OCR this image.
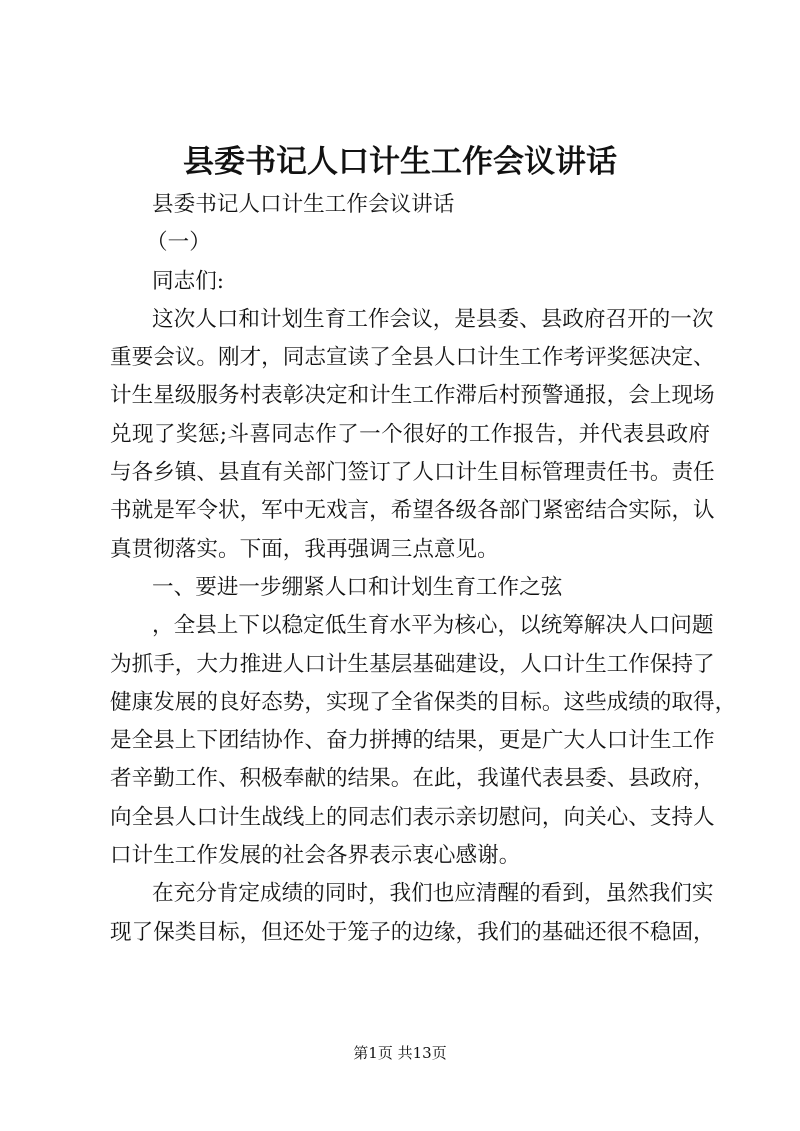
县委书记人口计生工作会议讲话
县委书记人口计生工作会议讲话
（一）
同志们:
这次人口和计划生育工作会议，是县委、县政府召开的一次
重要会议。刚才，同志宣读了全县人口计生工作考评奖惩决定、
计生星级服务村表彰决定和计生工作滞后村预警通报，会上现场
兑现了奖惩;斗喜同志作了一个很好的工作报告，并代表县政府
与各乡镇、县直有关部门签订了人口计生目标管理责任书。责任
书就是军令状，军中无戏言，希望各级各部门紧密结合实际，认
真贯彻落实。下面，我再强调三点意见。
一、要进一步绷紧人口和计划生育工作之弦
，全县上下以稳定低生育水平为核心，以统筹解决人口问题
为抓手，大力推进人口计生基层基础建设，人口计生工作保持了
健康发展的良好态势，实现了全省保类的目标。这些成绩的取得，
是全县上下团结协作、奋力拼搏的结果，更是广大人口计生工作
者辛勤工作、积极奉献的结果。在此，我谨代表县委、县政府，
向全县人口计生战线上的同志们表示亲切慰问，向关心、支持人
口计生工作发展的社会各界表示衷心感谢。
在充分肯定成绩的同时，我们也应清醒的看到，虽然我们实
现了保类目标，但还处于笼子的边缘，我们的基础还很不稳固，
第1页 共13页
